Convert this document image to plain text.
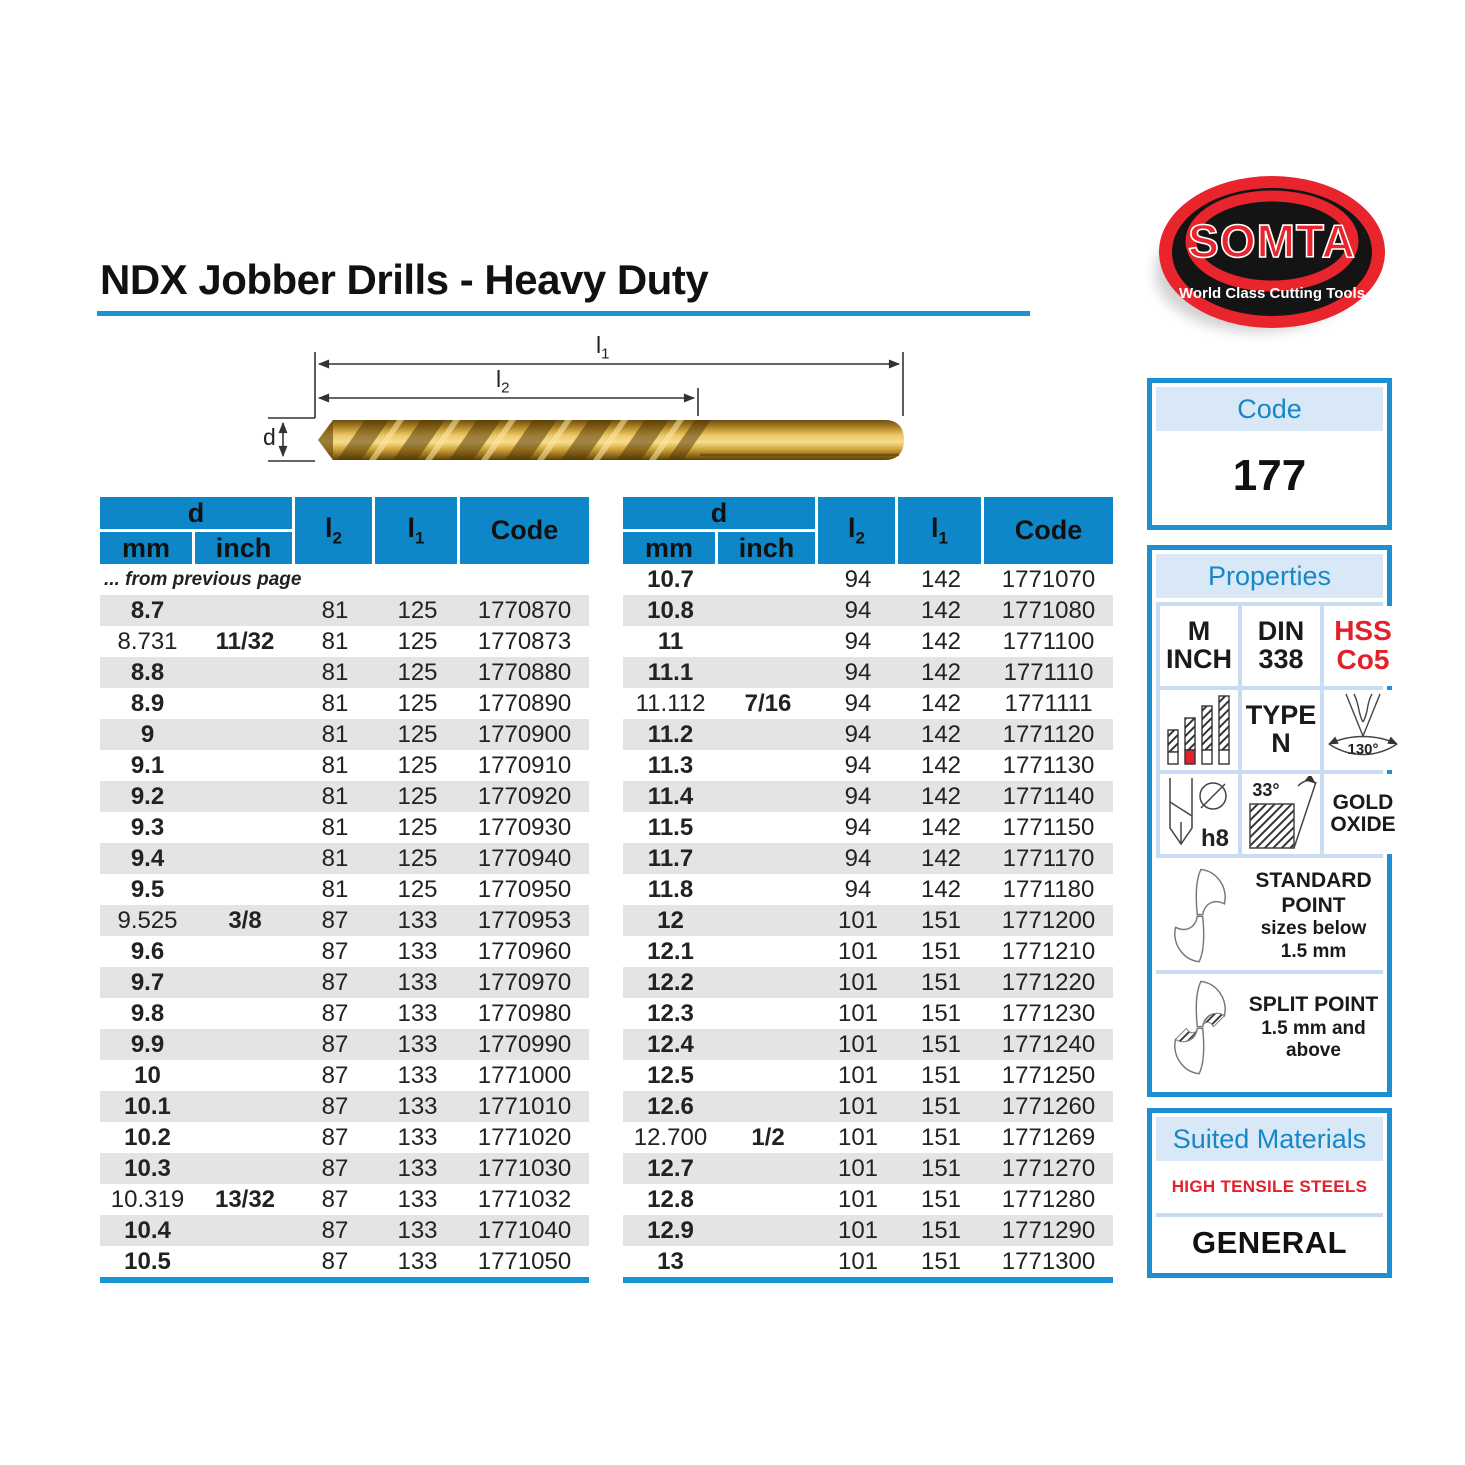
NDX Jobber Drills - Heavy Duty
SOMTA
World Class Cutting Tools
$l_1$
$l_2$
d
d		$l_2$	$l_1$	Code
mm	inch			
... from previous page				
8.7		81	125	1770870
8.731	11/32	81	125	1770873
8.8		81	125	1770880
8.9		81	125	1770890
9		81	125	1770900
9.1		81	125	1770910
9.2		81	125	1770920
9.3		81	125	1770930
9.4		81	125	1770940
9.5		81	125	1770950
9.525	3/8	87	133	1770953
9.6		87	133	1770960
9.7		87	133	1770970
9.8		87	133	1770980
9.9		87	133	1770990
10		87	133	1771000
10.1		87	133	1771010
10.2		87	133	1771020
10.3		87	133	1771030
10.319	13/32	87	133	1771032
10.4		87	133	1771040
10.5		87	133	1771050
d		$l_2$	$l_1$	Code
mm	inch			
10.7		94	142	1771070
10.8		94	142	1771080
11		94	142	1771100
11.1		94	142	1771110
11.112	7/16	94	142	1771111
11.2		94	142	1771120
11.3		94	142	1771130
11.4		94	142	1771140
11.5		94	142	1771150
11.7		94	142	1771170
11.8		94	142	1771180
12		101	151	1771200
12.1		101	151	1771210
12.2		101	151	1771220
12.3		101	151	1771230
12.4		101	151	1771240
12.5		101	151	1771250
12.6		101	151	1771260
12.700	1/2	101	151	1771269
12.7		101	151	1771270
12.8		101	151	1771280
12.9		101	151	1771290
13		101	151	1771300
Code
177
Properties
M
INCH
DIN
338
HSS
Co5
TYPE
N	130°
h8
33°
GOLD
OXIDE
STANDARD
POINT
sizes below
1.5 mm
SPLIT POINT
1.5 mm and
above
Suited Materials
HIGH TENSILE STEELS
GENERAL
